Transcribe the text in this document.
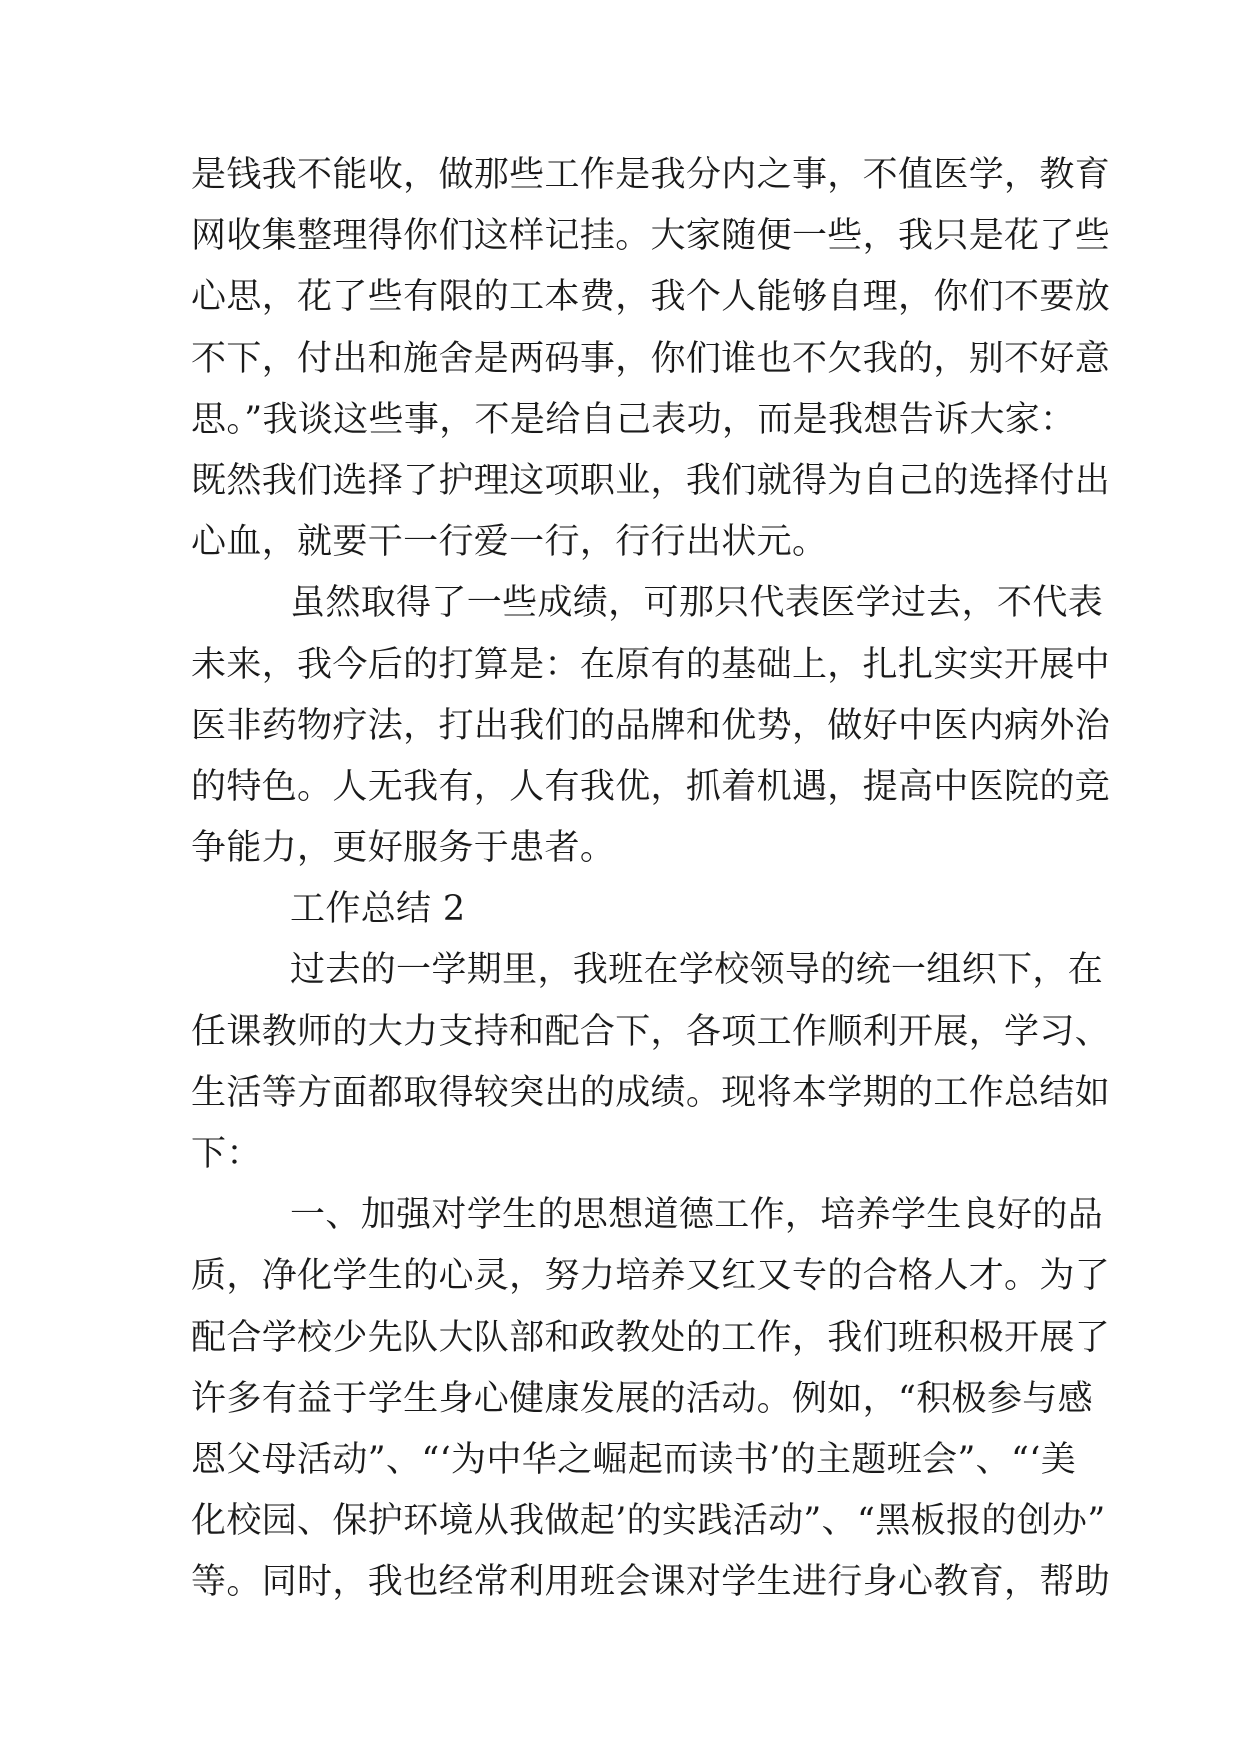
是钱我不能收，做那些工作是我分内之事，不值医学，教育
网收集整理得你们这样记挂。大家随便一些，我只是花了些
心思，花了些有限的工本费，我个人能够自理，你们不要放
不下，付出和施舍是两码事，你们谁也不欠我的，别不好意
思。”我谈这些事，不是给自己表功，而是我想告诉大家：
既然我们选择了护理这项职业，我们就得为自己的选择付出
心血，就要干一行爱一行，行行出状元。
虽然取得了一些成绩，可那只代表医学过去，不代表
未来，我今后的打算是：在原有的基础上，扎扎实实开展中
医非药物疗法，打出我们的品牌和优势，做好中医内病外治
的特色。人无我有，人有我优，抓着机遇，提高中医院的竞
争能力，更好服务于患者。
工作总结 2
过去的一学期里，我班在学校领导的统一组织下，在
任课教师的大力支持和配合下，各项工作顺利开展，学习、
生活等方面都取得较突出的成绩。现将本学期的工作总结如
下：
一、加强对学生的思想道德工作，培养学生良好的品
质，净化学生的心灵，努力培养又红又专的合格人才。为了
配合学校少先队大队部和政教处的工作，我们班积极开展了
许多有益于学生身心健康发展的活动。例如，“积极参与感
恩父母活动”、“‘为中华之崛起而读书’的主题班会”、“‘美
化校园、保护环境从我做起’的实践活动”、“黑板报的创办”
等。同时，我也经常利用班会课对学生进行身心教育，帮助
